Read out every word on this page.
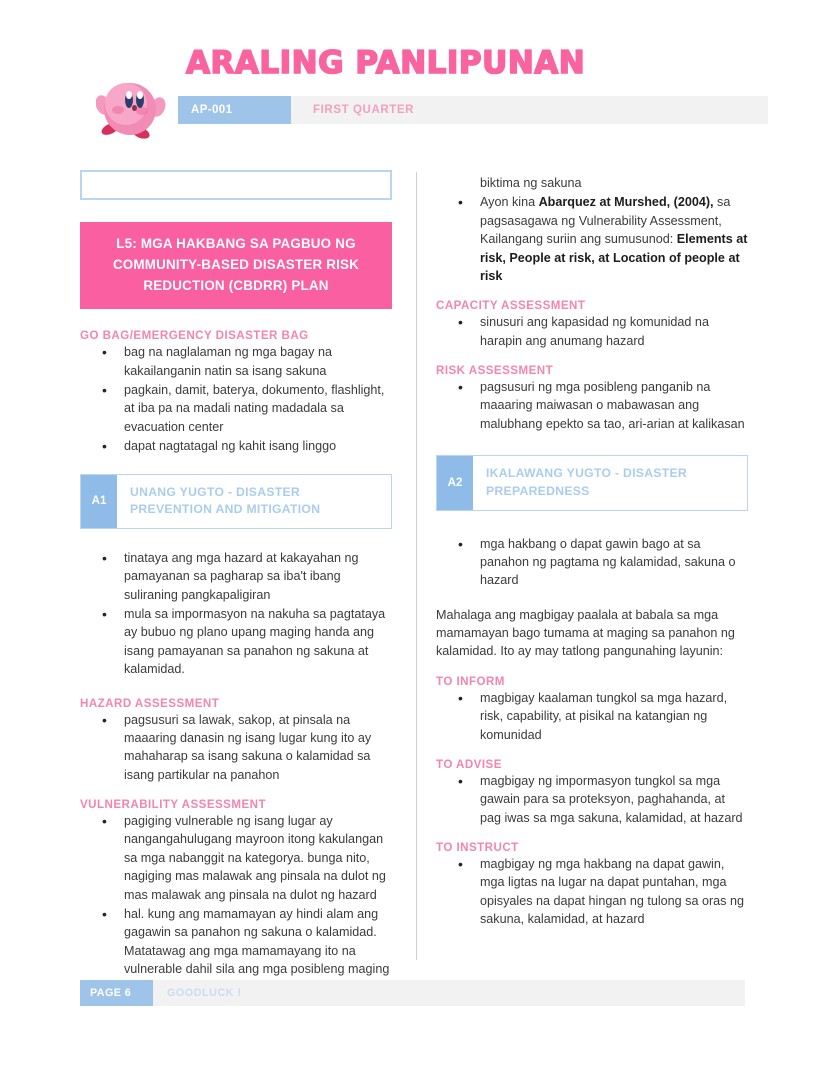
ARALING PANLIPUNAN
AP-001	FIRST QUARTER
L5: MGA HAKBANG SA PAGBUO NG COMMUNITY-BASED DISASTER RISK REDUCTION (CBDRR) PLAN
GO BAG/EMERGENCY DISASTER BAG
• bag na naglalaman ng mga bagay na kakailanganin natin sa isang sakuna
• pagkain, damit, baterya, dokumento, flashlight, at iba pa na madali nating madadala sa evacuation center
• dapat nagtatagal ng kahit isang linggo
A1
UNANG YUGTO - DISASTER PREVENTION AND MITIGATION
• tinataya ang mga hazard at kakayahan ng pamayanan sa pagharap sa iba't ibang suliraning pangkapaligiran
• mula sa impormasyon na nakuha sa pagtataya ay bubuo ng plano upang maging handa ang isang pamayanan sa panahon ng sakuna at kalamidad.
HAZARD ASSESSMENT
• pagsusuri sa lawak, sakop, at pinsala na maaaring danasin ng isang lugar kung ito ay mahaharap sa isang sakuna o kalamidad sa isang partikular na panahon
VULNERABILITY ASSESSMENT
• pagiging vulnerable ng isang lugar ay nangangahulugang mayroon itong kakulangan sa mga nabanggit na kategorya. bunga nito, nagiging mas malawak ang pinsala na dulot ng mas malawak ang pinsala na dulot ng hazard
• hal. kung ang mamamayan ay hindi alam ang gagawin sa panahon ng sakuna o kalamidad. Matatawag ang mga mamamayang ito na vulnerable dahil sila ang mga posibleng maging
biktima ng sakuna
• Ayon kina Abarquez at Murshed, (2004), sa pagsasagawa ng Vulnerability Assessment, Kailangang suriin ang sumusunod: Elements at risk, People at risk, at Location of people at risk
CAPACITY ASSESSMENT
• sinusuri ang kapasidad ng komunidad na harapin ang anumang hazard
RISK ASSESSMENT
• pagsusuri ng mga posibleng panganib na maaaring maiwasan o mabawasan ang malubhang epekto sa tao, ari-arian at kalikasan
A2
IKALAWANG YUGTO - DISASTER PREPAREDNESS
• mga hakbang o dapat gawin bago at sa panahon ng pagtama ng kalamidad, sakuna o hazard

Mahalaga ang magbigay paalala at babala sa mga mamamayan bago tumama at maging sa panahon ng kalamidad. Ito ay may tatlong pangunahing layunin:

TO INFORM
• magbigay kaalaman tungkol sa mga hazard, risk, capability, at pisikal na katangian ng komunidad
TO ADVISE
• magbigay ng impormasyon tungkol sa mga gawain para sa proteksyon, paghahanda, at pag iwas sa mga sakuna, kalamidad, at hazard
TO INSTRUCT
• magbigay ng mga hakbang na dapat gawin, mga ligtas na lugar na dapat puntahan, mga opisyales na dapat hingan ng tulong sa oras ng sakuna, kalamidad, at hazard
PAGE 6	GOODLUCK !
